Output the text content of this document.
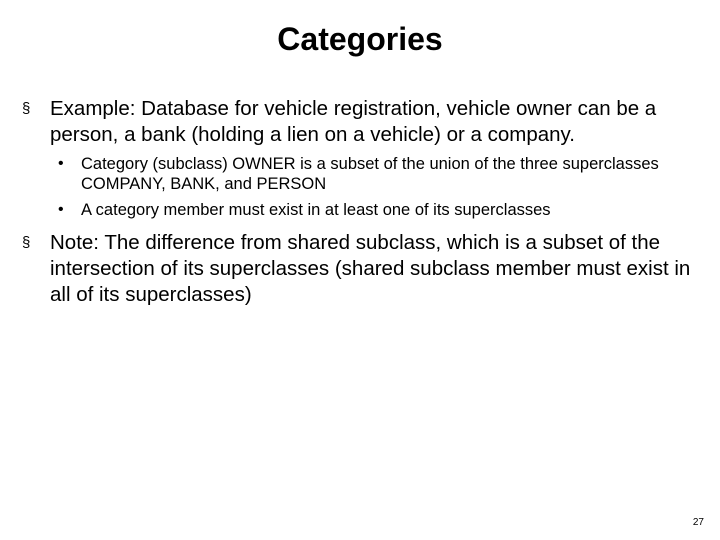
Categories
§ Example: Database for vehicle registration, vehicle owner can be a person, a bank (holding a lien on a vehicle) or a company.
• Category (subclass) OWNER is a subset of the union of the three superclasses COMPANY, BANK, and PERSON
• A category member must exist in at least one of its superclasses
§ Note: The difference from shared subclass, which is a subset of the intersection of its superclasses (shared subclass member must exist in all of its superclasses)
27
